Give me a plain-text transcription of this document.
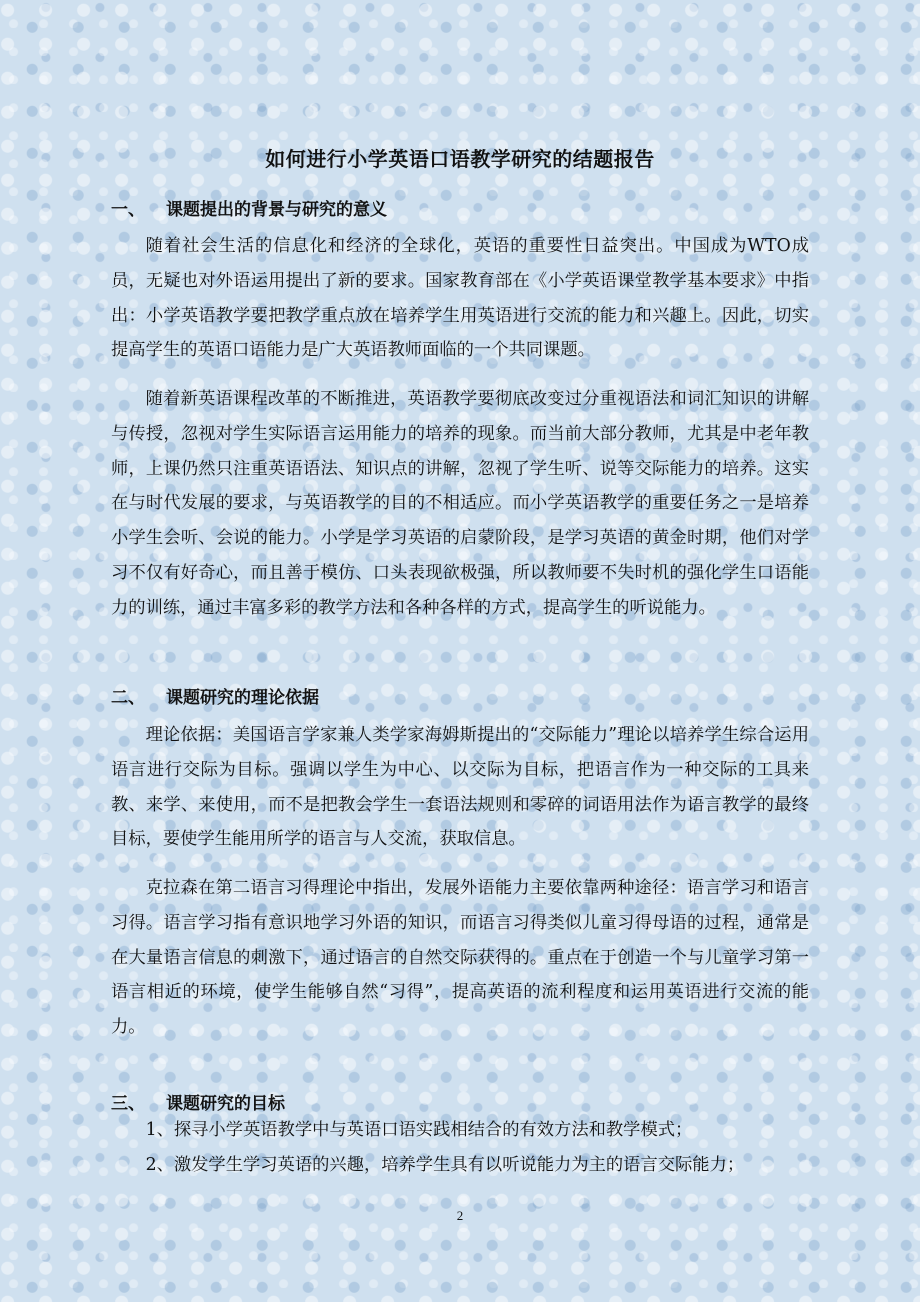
如何进行小学英语口语教学研究的结题报告
一、 课题提出的背景与研究的意义
随着社会生活的信息化和经济的全球化，英语的重要性日益突出。中国成为WTO成员，无疑也对外语运用提出了新的要求。国家教育部在《小学英语课堂教学基本要求》中指出：小学英语教学要把教学重点放在培养学生用英语进行交流的能力和兴趣上。因此，切实提高学生的英语口语能力是广大英语教师面临的一个共同课题。
随着新英语课程改革的不断推进，英语教学要彻底改变过分重视语法和词汇知识的讲解与传授，忽视对学生实际语言运用能力的培养的现象。而当前大部分教师，尤其是中老年教师，上课仍然只注重英语语法、知识点的讲解，忽视了学生听、说等交际能力的培养。这实在与时代发展的要求，与英语教学的目的不相适应。而小学英语教学的重要任务之一是培养小学生会听、会说的能力。小学是学习英语的启蒙阶段，是学习英语的黄金时期，他们对学习不仅有好奇心，而且善于模仿、口头表现欲极强，所以教师要不失时机的强化学生口语能力的训练，通过丰富多彩的教学方法和各种各样的方式，提高学生的听说能力。
二、 课题研究的理论依据
理论依据：美国语言学家兼人类学家海姆斯提出的“交际能力”理论以培养学生综合运用语言进行交际为目标。强调以学生为中心、以交际为目标，把语言作为一种交际的工具来教、来学、来使用，而不是把教会学生一套语法规则和零碎的词语用法作为语言教学的最终目标，要使学生能用所学的语言与人交流，获取信息。
克拉森在第二语言习得理论中指出，发展外语能力主要依靠两种途径：语言学习和语言习得。语言学习指有意识地学习外语的知识，而语言习得类似儿童习得母语的过程，通常是在大量语言信息的刺激下，通过语言的自然交际获得的。重点在于创造一个与儿童学习第一语言相近的环境，使学生能够自然“习得”，提高英语的流利程度和运用英语进行交流的能力。
三、 课题研究的目标
1、探寻小学英语教学中与英语口语实践相结合的有效方法和教学模式；
2、激发学生学习英语的兴趣，培养学生具有以听说能力为主的语言交际能力；
2
